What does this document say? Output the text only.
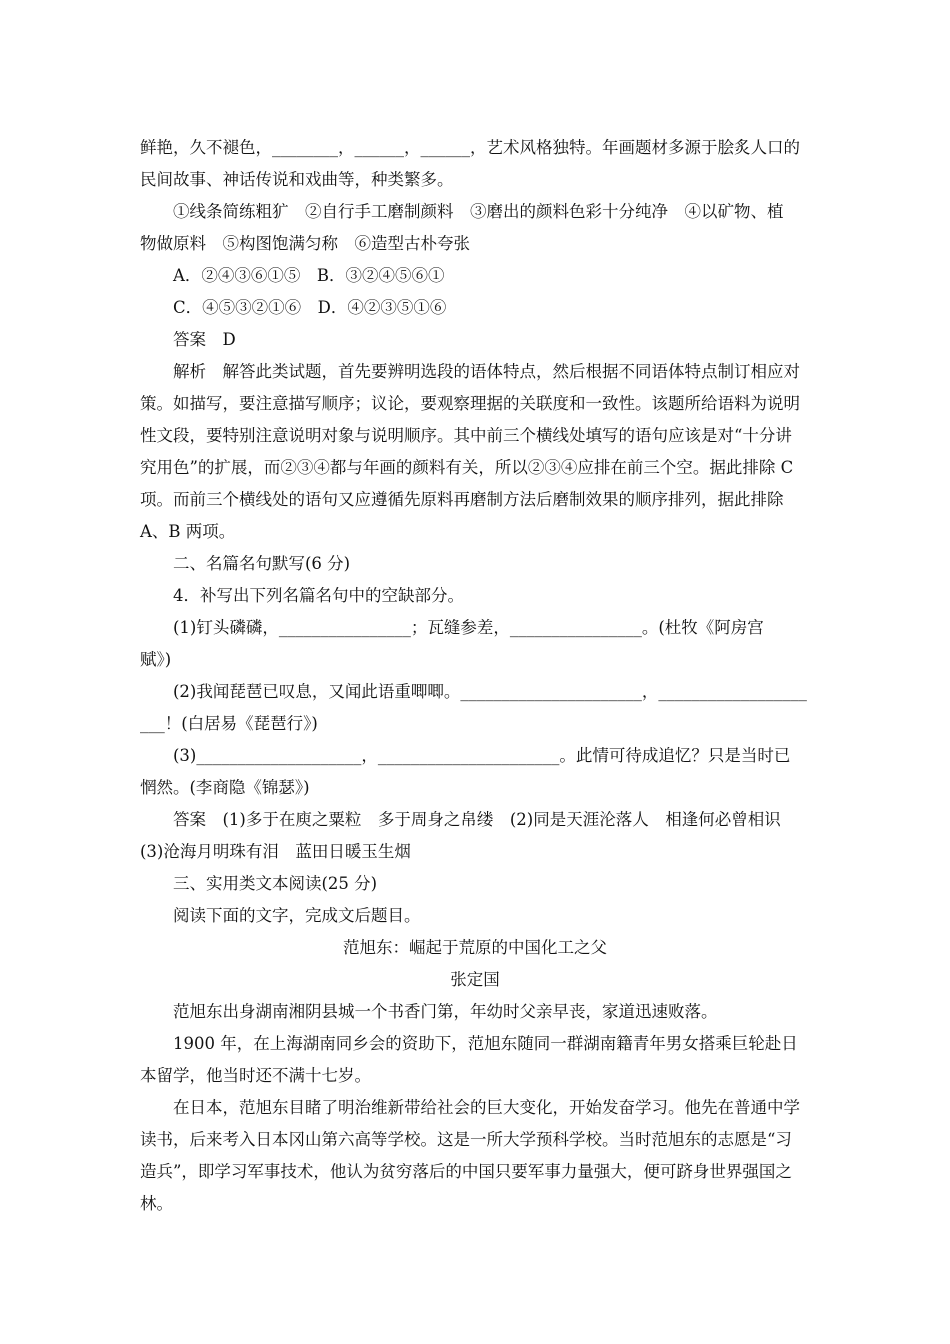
鲜艳，久不褪色，________，______，______，艺术风格独特。年画题材多源于脍炙人口的
民间故事、神话传说和戏曲等，种类繁多。
①线条简练粗犷　②自行手工磨制颜料　③磨出的颜料色彩十分纯净　④以矿物、植
物做原料　⑤构图饱满匀称　⑥造型古朴夸张
A．②④③⑥①⑤　B．③②④⑤⑥①
C．④⑤③②①⑥　D．④②③⑤①⑥
答案　D
解析　解答此类试题，首先要辨明选段的语体特点，然后根据不同语体特点制订相应对
策。如描写，要注意描写顺序；议论，要观察理据的关联度和一致性。该题所给语料为说明
性文段，要特别注意说明对象与说明顺序。其中前三个横线处填写的语句应该是对“十分讲
究用色”的扩展，而②③④都与年画的颜料有关，所以②③④应排在前三个空。据此排除 C
项。而前三个横线处的语句又应遵循先原料再磨制方法后磨制效果的顺序排列，据此排除
A、B 两项。
二、名篇名句默写(6 分)
4．补写出下列名篇名句中的空缺部分。
(1)钉头磷磷，________________；瓦缝参差，________________。(杜牧《阿房宫
赋》)
(2)我闻琵琶已叹息，又闻此语重唧唧。______________________，__________________
___！(白居易《琵琶行》)
(3)____________________，______________________。此情可待成追忆？只是当时已
惘然。(李商隐《锦瑟》)
答案　(1)多于在庾之粟粒　多于周身之帛缕　(2)同是天涯沦落人　相逢何必曾相识
(3)沧海月明珠有泪　蓝田日暖玉生烟
三、实用类文本阅读(25 分)
阅读下面的文字，完成文后题目。
范旭东：崛起于荒原的中国化工之父
张定国
范旭东出身湖南湘阴县城一个书香门第，年幼时父亲早丧，家道迅速败落。
1900 年，在上海湖南同乡会的资助下，范旭东随同一群湖南籍青年男女搭乘巨轮赴日
本留学，他当时还不满十七岁。
在日本，范旭东目睹了明治维新带给社会的巨大变化，开始发奋学习。他先在普通中学
读书，后来考入日本冈山第六高等学校。这是一所大学预科学校。当时范旭东的志愿是“习
造兵”，即学习军事技术，他认为贫穷落后的中国只要军事力量强大，便可跻身世界强国之
林。
